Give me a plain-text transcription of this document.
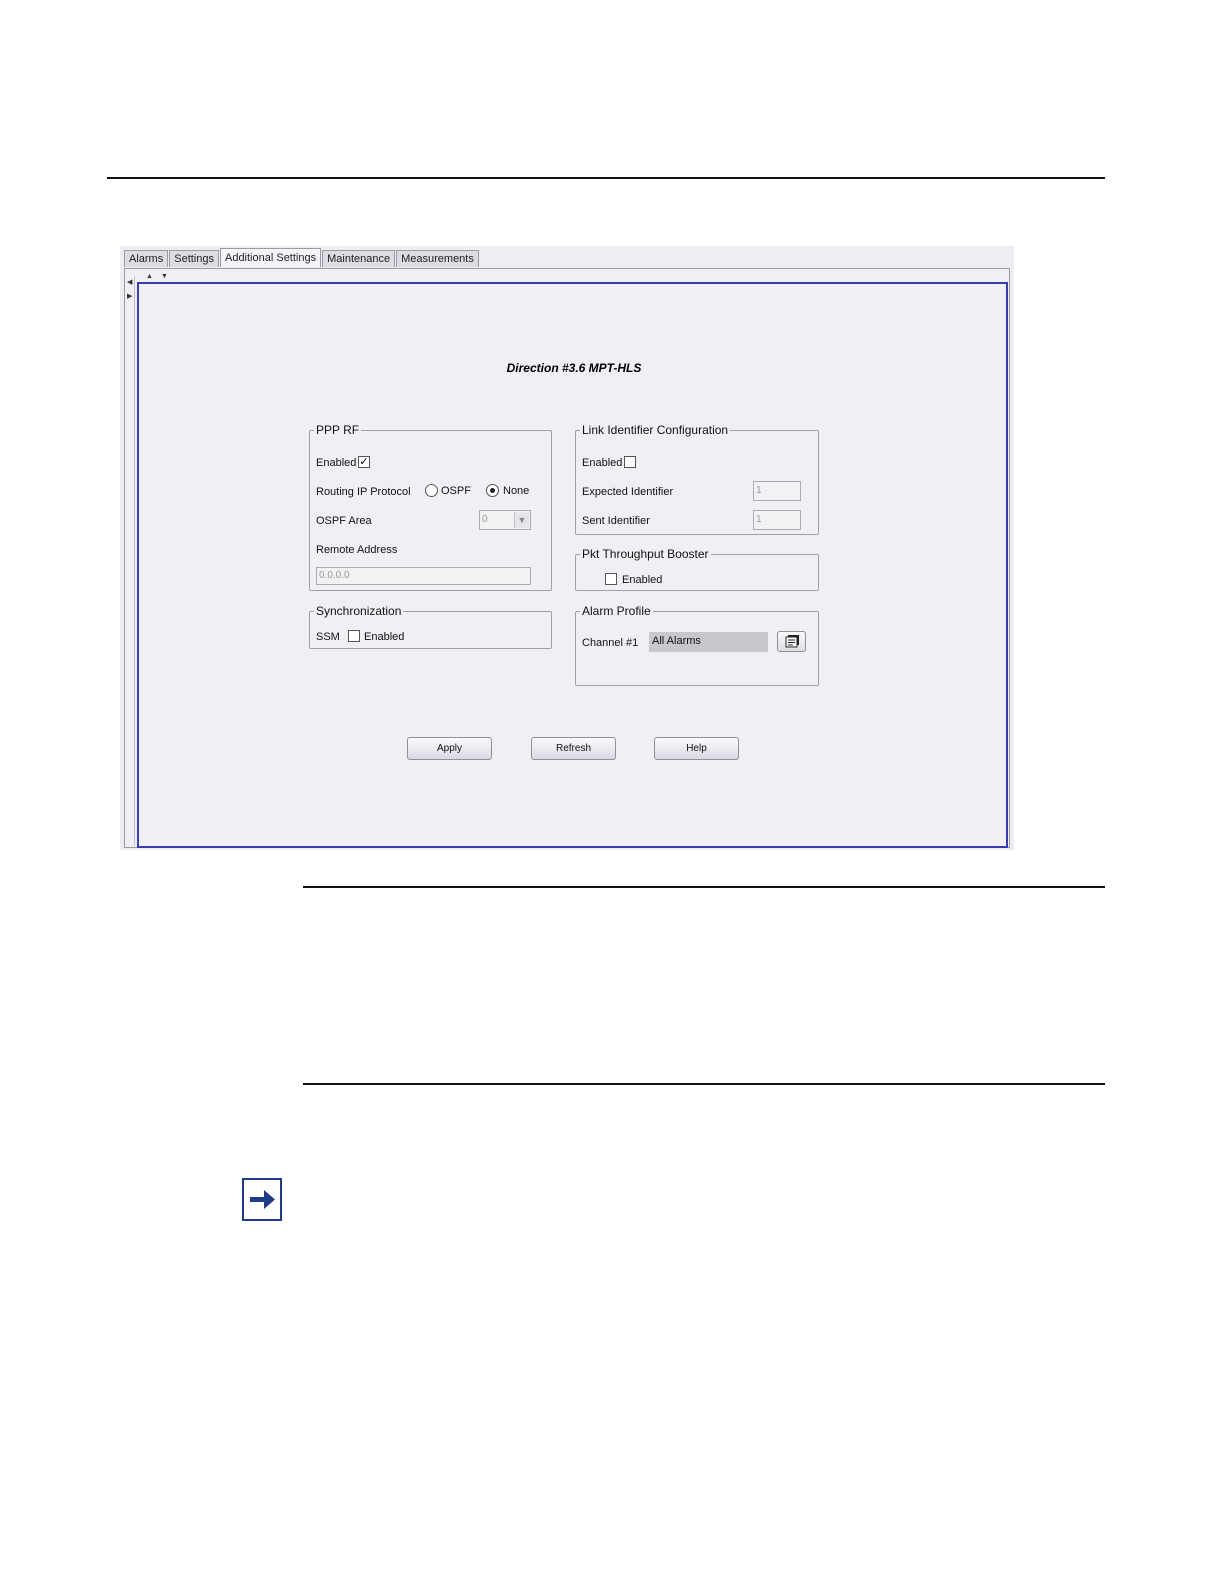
Alarms	Settings	Additional Settings	Maintenance	Measurements
▲ ▼
◀
▶
Direction #3.6 MPT-HLS
PPP RF
Enabled ✓
Routing IP Protocol	OSPF	None
OSPF Area	0	▼
Remote Address
0.0.0.0
Link Identifier Configuration
Enabled
Expected Identifier	1
Sent Identifier	1
Pkt Throughput Booster
Enabled
Synchronization
SSM Enabled
Alarm Profile
Channel #1 All Alarms
Apply	Refresh	Help
